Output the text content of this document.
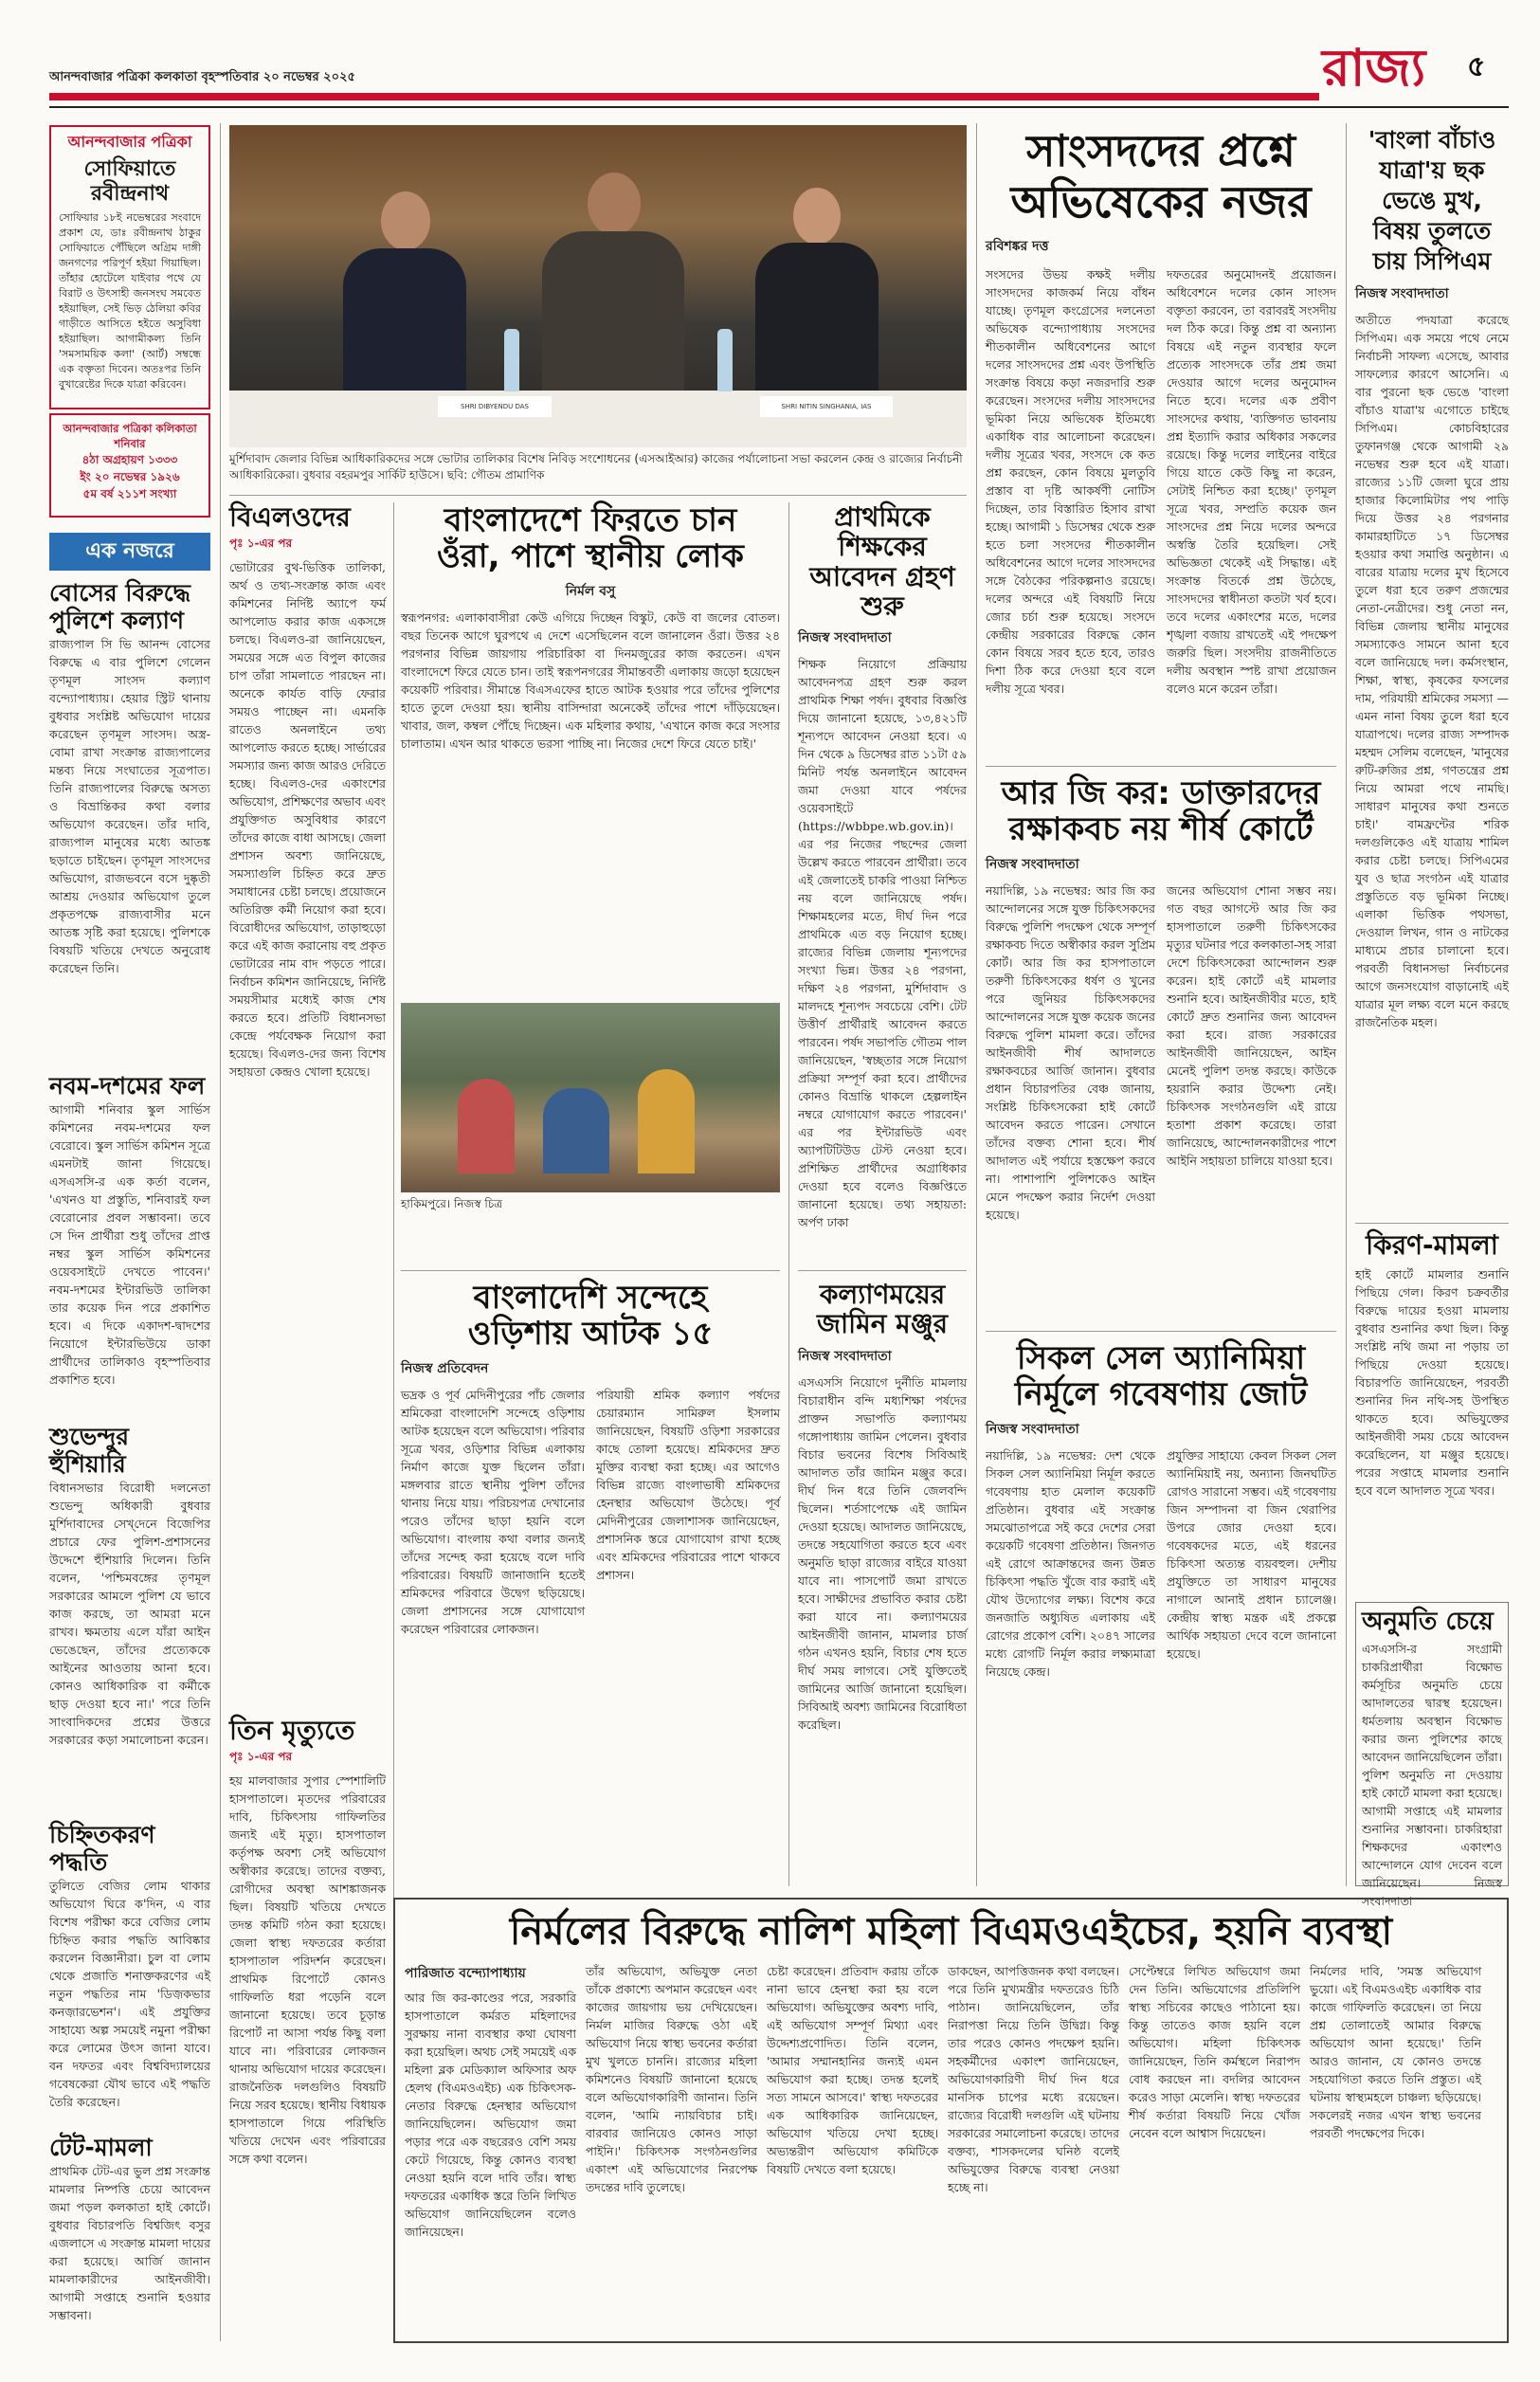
আনন্দবাজার পত্রিকা কলকাতা বৃহস্পতিবার ২০ নভেম্বর ২০২৫	রাজ্য ৫
আনন্দবাজার পত্রিকা
সোফিয়াতে রবীন্দ্রনাথ
সোফিয়ার ১৮ই নভেম্বরের সংবাদে প্রকাশ যে, ডাঃ রবীন্দ্রনাথ ঠাকুর সোফিয়াতে পৌঁছিলে অগ্রিম দাঙ্গী জনগণের পরিপূর্ণ হইয়া গিয়াছিল। তাঁহার হোটেলে যাইবার পথে যে বিরাট ও উৎসাহী জনসংঘ সমবেত হইয়াছিল, সেই ভিড় ঠেলিয়া কবির গাড়ীতে আসিতে হইতে অসুবিধা হইয়াছিল। আগামীকল্য তিনি 'সমসাময়িক কলা' (আর্ট) সম্বন্ধে এক বক্তৃতা দিবেন। অতঃপর তিনি বুখারেষ্টের দিকে যাত্রা করিবেন।
আনন্দবাজার পত্রিকা কলিকাতা শনিবার
৪ঠা অগ্রহায়ণ ১৩৩৩
ইং ২০ নভেম্বর ১৯২৬
৫ম বর্ষ ২১১শ সংখ্যা
এক নজরে
বোসের বিরুদ্ধে পুলিশে কল্যাণ
রাজ্যপাল সি ভি আনন্দ বোসের বিরুদ্ধে এ বার পুলিশে গেলেন তৃণমূল সাংসদ কল্যাণ বন্দ্যোপাধ্যায়। হেয়ার স্ট্রিট থানায় বুধবার সংশ্লিষ্ট অভিযোগ দায়ের করেছেন তৃণমূল সাংসদ। অস্ত্র-বোমা রাখা সংক্রান্ত রাজ্যপালের মন্তব্য নিয়ে সংঘাতের সূত্রপাত। তিনি রাজ্যপালের বিরুদ্ধে অসত্য ও বিভ্রান্তিকর কথা বলার অভিযোগ করেছেন। তাঁর দাবি, রাজ্যপাল মানুষের মধ্যে আতঙ্ক ছড়াতে চাইছেন। তৃণমূল সাংসদের অভিযোগ, রাজভবনে বসে দুষ্কৃতী আশ্রয় দেওয়ার অভিযোগ তুলে প্রকৃতপক্ষে রাজ্যবাসীর মনে আতঙ্ক সৃষ্টি করা হয়েছে। পুলিশকে বিষয়টি খতিয়ে দেখতে অনুরোধ করেছেন তিনি।
নবম-দশমের ফল
আগামী শনিবার স্কুল সার্ভিস কমিশনের নবম-দশমের ফল বেরোবে। স্কুল সার্ভিস কমিশন সূত্রে এমনটাই জানা গিয়েছে। এসএসসি-র এক কর্তা বলেন, 'এখনও যা প্রস্তুতি, শনিবারই ফল বেরোনোর প্রবল সম্ভাবনা। তবে সে দিন প্রার্থীরা শুধু তাঁদের প্রাপ্ত নম্বর স্কুল সার্ভিস কমিশনের ওয়েবসাইটে দেখতে পাবেন।' নবম-দশমের ইন্টারভিউ তালিকা তার কয়েক দিন পরে প্রকাশিত হবে। এ দিকে একাদশ-দ্বাদশের নিয়োগে ইন্টারভিউয়ে ডাকা প্রার্থীদের তালিকাও বৃহস্পতিবার প্রকাশিত হবে।
শুভেন্দুর হুঁশিয়ারি
বিধানসভার বিরোধী দলনেতা শুভেন্দু অধিকারী বুধবার মুর্শিদাবাদের সেখ্‌দেনে বিজেপির প্রচারে ফের পুলিশ-প্রশাসনের উদ্দেশে হুঁশিয়ারি দিলেন। তিনি বলেন, 'পশ্চিমবঙ্গের তৃণমূল সরকারের আমলে পুলিশ যে ভাবে কাজ করছে, তা আমরা মনে রাখব। ক্ষমতায় এলে যাঁরা আইন ভেঙেছেন, তাঁদের প্রত্যেককে আইনের আওতায় আনা হবে। কোনও আধিকারিক বা কর্মীকে ছাড় দেওয়া হবে না।' পরে তিনি সাংবাদিকদের প্রশ্নের উত্তরে সরকারের কড়া সমালোচনা করেন।
চিহ্নিতকরণ পদ্ধতি
তুলিতে বেজির লোম থাকার অভিযোগ ঘিরে ক'দিন, এ বার বিশেষ পরীক্ষা করে বেজির লোম চিহ্নিত করার পদ্ধতি আবিষ্কার করলেন বিজ্ঞানীরা। চুল বা লোম থেকে প্রজাতি শনাক্তকরণের এই নতুন পদ্ধতির নাম 'ডিজ়কভার কনজ়ারভেশন'। এই প্রযুক্তির সাহায্যে অল্প সময়েই নমুনা পরীক্ষা করে লোমের উৎস জানা যাবে। বন দফতর এবং বিশ্ববিদ্যালয়ের গবেষকেরা যৌথ ভাবে এই পদ্ধতি তৈরি করেছেন।
টেট-মামলা
প্রাথমিক টেট-এর ভুল প্রশ্ন সংক্রান্ত মামলার নিষ্পত্তি চেয়ে আবেদন জমা পড়ল কলকাতা হাই কোর্টে। বুধবার বিচারপতি বিশ্বজিৎ বসুর এজলাসে এ সংক্রান্ত মামলা দায়ের করা হয়েছে। আর্জি জানান মামলাকারীদের আইনজীবী। আগামী সপ্তাহে শুনানি হওয়ার সম্ভাবনা।
SHRI DIBYENDU DAS	SHRI NITIN SINGHANIA, IAS
মুর্শিদাবাদ জেলার বিভিন্ন আধিকারিকদের সঙ্গে ভোটার তালিকার বিশেষ নিবিড় সংশোধনের (এসআইআর) কাজের পর্যালোচনা সভা করলেন কেন্দ্র ও রাজ্যের নির্বাচনী আধিকারিকেরা। বুধবার বহরমপুর সার্কিট হাউসে। ছবি: গৌতম প্রামাণিক
বিএলওদের
পৃঃ ১-এর পর
ভোটারের বুথ-ভিত্তিক তালিকা, অর্থ ও তথ্য-সংক্রান্ত কাজ এবং কমিশনের নির্দিষ্ট অ্যাপে ফর্ম আপলোড করার কাজ একসঙ্গে চলছে। বিএলও-রা জানিয়েছেন, সময়ের সঙ্গে এত বিপুল কাজের চাপ তাঁরা সামলাতে পারছেন না। অনেকে কার্যত বাড়ি ফেরার সময়ও পাচ্ছেন না। এমনকি রাতেও অনলাইনে তথ্য আপলোড করতে হচ্ছে। সার্ভারের সমস্যার জন্য কাজ আরও দেরিতে হচ্ছে। বিএলও-দের একাংশের অভিযোগ, প্রশিক্ষণের অভাব এবং প্রযুক্তিগত অসুবিধার কারণে তাঁদের কাজে বাধা আসছে। জেলা প্রশাসন অবশ্য জানিয়েছে, সমস্যাগুলি চিহ্নিত করে দ্রুত সমাধানের চেষ্টা চলছে। প্রয়োজনে অতিরিক্ত কর্মী নিয়োগ করা হবে। বিরোধীদের অভিযোগ, তাড়াহুড়ো করে এই কাজ করানোয় বহু প্রকৃত ভোটারের নাম বাদ পড়তে পারে। নির্বাচন কমিশন জানিয়েছে, নির্দিষ্ট সময়সীমার মধ্যেই কাজ শেষ করতে হবে। প্রতিটি বিধানসভা কেন্দ্রে পর্যবেক্ষক নিয়োগ করা হয়েছে। বিএলও-দের জন্য বিশেষ সহায়তা কেন্দ্রও খোলা হয়েছে।
তিন মৃত্যুতে
পৃঃ ১-এর পর
হয় মালবাজার সুপার স্পেশালিটি হাসপাতালে। মৃতদের পরিবারের দাবি, চিকিৎসায় গাফিলতির জন্যই এই মৃত্যু। হাসপাতাল কর্তৃপক্ষ অবশ্য সেই অভিযোগ অস্বীকার করেছে। তাদের বক্তব্য, রোগীদের অবস্থা আশঙ্কাজনক ছিল। বিষয়টি খতিয়ে দেখতে তদন্ত কমিটি গঠন করা হয়েছে। জেলা স্বাস্থ্য দফতরের কর্তারা হাসপাতাল পরিদর্শন করেছেন। প্রাথমিক রিপোর্টে কোনও গাফিলতি ধরা পড়েনি বলে জানানো হয়েছে। তবে চূড়ান্ত রিপোর্ট না আসা পর্যন্ত কিছু বলা যাবে না। পরিবারের লোকজন থানায় অভিযোগ দায়ের করেছেন। রাজনৈতিক দলগুলিও বিষয়টি নিয়ে সরব হয়েছে। স্থানীয় বিধায়ক হাসপাতালে গিয়ে পরিস্থিতি খতিয়ে দেখেন এবং পরিবারের সঙ্গে কথা বলেন।
বাংলাদেশে ফিরতে চান
ওঁরা, পাশে স্থানীয় লোক
নির্মল বসু
স্বরূপনগর: এলাকাবাসীরা কেউ এগিয়ে দিচ্ছেন বিস্কুট, কেউ বা জলের বোতল। বছর তিনেক আগে ঘুরপথে এ দেশে এসেছিলেন বলে জানালেন ওঁরা। উত্তর ২৪ পরগনার বিভিন্ন জায়গায় পরিচারিকা বা দিনমজুরের কাজ করতেন। এখন বাংলাদেশে ফিরে যেতে চান। তাই স্বরূপনগরের সীমান্তবর্তী এলাকায় জড়ো হয়েছেন কয়েকটি পরিবার। সীমান্তে বিএসএফের হাতে আটক হওয়ার পরে তাঁদের পুলিশের হাতে তুলে দেওয়া হয়। স্থানীয় বাসিন্দারা অনেকেই তাঁদের পাশে দাঁড়িয়েছেন। খাবার, জল, কম্বল পৌঁছে দিচ্ছেন। এক মহিলার কথায়, 'এখানে কাজ করে সংসার চালাতাম। এখন আর থাকতে ভরসা পাচ্ছি না। নিজের দেশে ফিরে যেতে চাই।'
হাকিমপুরে। নিজস্ব চিত্র
বাংলাদেশি সন্দেহে
ওড়িশায় আটক ১৫
নিজস্ব প্রতিবেদন
ভদ্রক ও পূর্ব মেদিনীপুরের পাঁচ জেলার শ্রমিকেরা বাংলাদেশি সন্দেহে ওড়িশায় আটক হয়েছেন বলে অভিযোগ। পরিবার সূত্রে খবর, ওড়িশার বিভিন্ন এলাকায় নির্মাণ কাজে যুক্ত ছিলেন তাঁরা। মঙ্গলবার রাতে স্থানীয় পুলিশ তাঁদের থানায় নিয়ে যায়। পরিচয়পত্র দেখানোর পরেও তাঁদের ছাড়া হয়নি বলে অভিযোগ। বাংলায় কথা বলার জন্যই তাঁদের সন্দেহ করা হয়েছে বলে দাবি পরিবারের। বিষয়টি জানাজানি হতেই শ্রমিকদের পরিবারে উদ্বেগ ছড়িয়েছে। জেলা প্রশাসনের সঙ্গে যোগাযোগ করেছেন পরিবারের লোকজন।
পরিযায়ী শ্রমিক কল্যাণ পর্ষদের চেয়ারম্যান সামিরুল ইসলাম জানিয়েছেন, বিষয়টি ওড়িশা সরকারের কাছে তোলা হয়েছে। শ্রমিকদের দ্রুত মুক্তির ব্যবস্থা করা হচ্ছে। এর আগেও বিভিন্ন রাজ্যে বাংলাভাষী শ্রমিকদের হেনস্থার অভিযোগ উঠেছে। পূর্ব মেদিনীপুরের জেলাশাসক জানিয়েছেন, প্রশাসনিক স্তরে যোগাযোগ রাখা হচ্ছে এবং শ্রমিকদের পরিবারের পাশে থাকবে প্রশাসন।
প্রাথমিকে শিক্ষকের আবেদন গ্রহণ শুরু
নিজস্ব সংবাদদাতা
শিক্ষক নিয়োগে প্রক্রিয়ায় আবেদনপত্র গ্রহণ শুরু করল প্রাথমিক শিক্ষা পর্ষদ। বুধবার বিজ্ঞপ্তি দিয়ে জানানো হয়েছে, ১৩,৪২১টি শূন্যপদে আবেদন নেওয়া হবে। এ দিন থেকে ৯ ডিসেম্বর রাত ১১টা ৫৯ মিনিট পর্যন্ত অনলাইনে আবেদন জমা দেওয়া যাবে পর্ষদের ওয়েবসাইটে (https://wbbpe.wb.gov.in)। এর পর নিজের পছন্দের জেলা উল্লেখ করতে পারবেন প্রার্থীরা। তবে এই জেলাতেই চাকরি পাওয়া নিশ্চিত নয় বলে জানিয়েছে পর্ষদ। শিক্ষামহলের মতে, দীর্ঘ দিন পরে প্রাথমিকে এত বড় নিয়োগ হচ্ছে। রাজ্যের বিভিন্ন জেলায় শূন্যপদের সংখ্যা ভিন্ন। উত্তর ২৪ পরগনা, দক্ষিণ ২৪ পরগনা, মুর্শিদাবাদ ও মালদহে শূন্যপদ সবচেয়ে বেশি। টেট উত্তীর্ণ প্রার্থীরাই আবেদন করতে পারবেন। পর্ষদ সভাপতি গৌতম পাল জানিয়েছেন, 'স্বচ্ছতার সঙ্গে নিয়োগ প্রক্রিয়া সম্পূর্ণ করা হবে। প্রার্থীদের কোনও বিভ্রান্তি থাকলে হেল্পলাইন নম্বরে যোগাযোগ করতে পারবেন।' এর পর ইন্টারভিউ এবং অ্যাপটিটিউড টেস্ট নেওয়া হবে। প্রশিক্ষিত প্রার্থীদের অগ্রাধিকার দেওয়া হবে বলেও বিজ্ঞপ্তিতে জানানো হয়েছে। তথ্য সহায়তা: অর্পণ ঢাকা
কল্যাণময়ের জামিন মঞ্জুর
নিজস্ব সংবাদদাতা
এসএসসি নিয়োগে দুর্নীতি মামলায় বিচারাধীন বন্দি মধ্যশিক্ষা পর্ষদের প্রাক্তন সভাপতি কল্যাণময় গঙ্গোপাধ্যায় জামিন পেলেন। বুধবার বিচার ভবনের বিশেষ সিবিআই আদালত তাঁর জামিন মঞ্জুর করে। দীর্ঘ দিন ধরে তিনি জেলবন্দি ছিলেন। শর্তসাপেক্ষে এই জামিন দেওয়া হয়েছে। আদালত জানিয়েছে, তদন্তে সহযোগিতা করতে হবে এবং অনুমতি ছাড়া রাজ্যের বাইরে যাওয়া যাবে না। পাসপোর্ট জমা রাখতে হবে। সাক্ষীদের প্রভাবিত করার চেষ্টা করা যাবে না। কল্যাণময়ের আইনজীবী জানান, মামলার চার্জ গঠন এখনও হয়নি, বিচার শেষ হতে দীর্ঘ সময় লাগবে। সেই যুক্তিতেই জামিনের আর্জি জানানো হয়েছিল। সিবিআই অবশ্য জামিনের বিরোধিতা করেছিল।
সাংসদদের প্রশ্নে
অভিষেকের নজর
রবিশঙ্কর দত্ত
সংসদের উভয় কক্ষই দলীয় সাংসদদের কাজকর্ম নিয়ে বাঁধন যাচ্ছে। তৃণমূল কংগ্রেসের দলনেতা অভিষেক বন্দ্যোপাধ্যায় সংসদের শীতকালীন অধিবেশনের আগে দলের সাংসদদের প্রশ্ন এবং উপস্থিতি সংক্রান্ত বিষয়ে কড়া নজরদারি শুরু করেছেন। সংসদের দলীয় সাংসদদের ভূমিকা নিয়ে অভিষেক ইতিমধ্যে একাধিক বার আলোচনা করেছেন। দলীয় সূত্রের খবর, সংসদে কে কত প্রশ্ন করছেন, কোন বিষয়ে মুলতুবি প্রস্তাব বা দৃষ্টি আকর্ষণী নোটিস দিচ্ছেন, তার বিস্তারিত হিসাব রাখা হচ্ছে। আগামী ১ ডিসেম্বর থেকে শুরু হতে চলা সংসদের শীতকালীন অধিবেশনের আগে দলের সাংসদদের সঙ্গে বৈঠকের পরিকল্পনাও রয়েছে। দলের অন্দরে এই বিষয়টি নিয়ে জোর চর্চা শুরু হয়েছে। সংসদে কেন্দ্রীয় সরকারের বিরুদ্ধে কোন কোন বিষয়ে সরব হতে হবে, তারও দিশা ঠিক করে দেওয়া হবে বলে দলীয় সূত্রে খবর।
দফতরের অনুমোদনই প্রয়োজন। অধিবেশনে দলের কোন সাংসদ বক্তৃতা করবেন, তা বরাবরই সংসদীয় দল ঠিক করে। কিন্তু প্রশ্ন বা অন্যান্য বিষয়ে এই নতুন ব্যবস্থার ফলে প্রত্যেক সাংসদকে তাঁর প্রশ্ন জমা দেওয়ার আগে দলের অনুমোদন নিতে হবে। দলের এক প্রবীণ সাংসদের কথায়, 'ব্যক্তিগত ভাবনায় প্রশ্ন ইত্যাদি করার অধিকার সকলের রয়েছে। কিন্তু দলের লাইনের বাইরে গিয়ে যাতে কেউ কিছু না করেন, সেটাই নিশ্চিত করা হচ্ছে।' তৃণমূল সূত্রে খবর, সম্প্রতি কয়েক জন সাংসদের প্রশ্ন নিয়ে দলের অন্দরে অস্বস্তি তৈরি হয়েছিল। সেই অভিজ্ঞতা থেকেই এই সিদ্ধান্ত। এই সংক্রান্ত বিতর্কে প্রশ্ন উঠেছে, সাংসদদের স্বাধীনতা কতটা খর্ব হবে। তবে দলের একাংশের মতে, দলের শৃঙ্খলা বজায় রাখতেই এই পদক্ষেপ জরুরি ছিল। সংসদীয় রাজনীতিতে দলীয় অবস্থান স্পষ্ট রাখা প্রয়োজন বলেও মনে করেন তাঁরা।
আর জি কর: ডাক্তারদের
রক্ষাকবচ নয় শীর্ষ কোর্টে
নিজস্ব সংবাদদাতা
নয়াদিল্লি, ১৯ নভেম্বর: আর জি কর আন্দোলনের সঙ্গে যুক্ত চিকিৎসকদের বিরুদ্ধে পুলিশি পদক্ষেপ থেকে সম্পূর্ণ রক্ষাকবচ দিতে অস্বীকার করল সুপ্রিম কোর্ট। আর জি কর হাসপাতালে তরুণী চিকিৎসকের ধর্ষণ ও খুনের পরে জুনিয়র চিকিৎসকদের আন্দোলনের সঙ্গে যুক্ত কয়েক জনের বিরুদ্ধে পুলিশ মামলা করে। তাঁদের আইনজীবী শীর্ষ আদালতে রক্ষাকবচের আর্জি জানান। বুধবার প্রধান বিচারপতির বেঞ্চ জানায়, সংশ্লিষ্ট চিকিৎসকেরা হাই কোর্টে আবেদন করতে পারেন। সেখানে তাঁদের বক্তব্য শোনা হবে। শীর্ষ আদালত এই পর্যায়ে হস্তক্ষেপ করবে না। পাশাপাশি পুলিশকেও আইন মেনে পদক্ষেপ করার নির্দেশ দেওয়া হয়েছে।
জনের অভিযোগ শোনা সম্ভব নয়। গত বছর আগস্টে আর জি কর হাসপাতালে তরুণী চিকিৎসকের মৃত্যুর ঘটনার পরে কলকাতা-সহ সারা দেশে চিকিৎসকেরা আন্দোলন শুরু করেন। হাই কোর্টে এই মামলার শুনানি হবে। আইনজীবীর মতে, হাই কোর্টে দ্রুত শুনানির জন্য আবেদন করা হবে। রাজ্য সরকারের আইনজীবী জানিয়েছেন, আইন মেনেই পুলিশ তদন্ত করছে। কাউকে হয়রানি করার উদ্দেশ্য নেই। চিকিৎসক সংগঠনগুলি এই রায়ে হতাশা প্রকাশ করেছে। তারা জানিয়েছে, আন্দোলনকারীদের পাশে আইনি সহায়তা চালিয়ে যাওয়া হবে।
সিকল সেল অ্যানিমিয়া
নির্মূলে গবেষণায় জোট
নিজস্ব সংবাদদাতা
নয়াদিল্লি, ১৯ নভেম্বর: দেশ থেকে সিকল সেল অ্যানিমিয়া নির্মূল করতে গবেষণায় হাত মেলাল কয়েকটি প্রতিষ্ঠান। বুধবার এই সংক্রান্ত সমঝোতাপত্রে সই করে দেশের সেরা কয়েকটি গবেষণা প্রতিষ্ঠান। জিনগত এই রোগে আক্রান্তদের জন্য উন্নত চিকিৎসা পদ্ধতি খুঁজে বার করাই এই যৌথ উদ্যোগের লক্ষ্য। বিশেষ করে জনজাতি অধ্যুষিত এলাকায় এই রোগের প্রকোপ বেশি। ২০৪৭ সালের মধ্যে রোগটি নির্মূল করার লক্ষ্যমাত্রা নিয়েছে কেন্দ্র।
প্রযুক্তির সাহায্যে কেবল সিকল সেল অ্যানিমিয়াই নয়, অন্যান্য জিনঘটিত রোগও সারানো সম্ভব। এই গবেষণায় জিন সম্পাদনা বা জিন থেরাপির উপরে জোর দেওয়া হবে। গবেষকদের মতে, এই ধরনের চিকিৎসা অত্যন্ত ব্যয়বহুল। দেশীয় প্রযুক্তিতে তা সাধারণ মানুষের নাগালে আনাই প্রধান চ্যালেঞ্জ। কেন্দ্রীয় স্বাস্থ্য মন্ত্রক এই প্রকল্পে আর্থিক সহায়তা দেবে বলে জানানো হয়েছে।
'বাংলা বাঁচাও যাত্রা'য় ছক ভেঙে মুখ, বিষয় তুলতে চায় সিপিএম
নিজস্ব সংবাদদাতা
অতীতে পদযাত্রা করেছে সিপিএম। এক সময়ে পথে নেমে নির্বাচনী সাফল্য এসেছে, আবার সাফল্যের কারণে আসেনি। এ বার পুরনো ছক ভেঙে 'বাংলা বাঁচাও যাত্রা'য় এগোতে চাইছে সিপিএম। কোচবিহারের তুফানগঞ্জ থেকে আগামী ২৯ নভেম্বর শুরু হবে এই যাত্রা। রাজ্যের ১১টি জেলা ঘুরে প্রায় হাজার কিলোমিটার পথ পাড়ি দিয়ে উত্তর ২৪ পরগনার কামারহাটিতে ১৭ ডিসেম্বর হওয়ার কথা সমাপ্তি অনুষ্ঠান। এ বারের যাত্রায় দলের মুখ হিসেবে তুলে ধরা হবে তরুণ প্রজন্মের নেতা-নেত্রীদের। শুধু নেতা নন, বিভিন্ন জেলায় স্থানীয় মানুষের সমস্যাকেও সামনে আনা হবে বলে জানিয়েছে দল। কর্মসংস্থান, শিক্ষা, স্বাস্থ্য, কৃষকের ফসলের দাম, পরিযায়ী শ্রমিকের সমস্যা — এমন নানা বিষয় তুলে ধরা হবে যাত্রাপথে। দলের রাজ্য সম্পাদক মহম্মদ সেলিম বলেছেন, 'মানুষের রুটি-রুজির প্রশ্ন, গণতন্ত্রের প্রশ্ন নিয়ে আমরা পথে নামছি। সাধারণ মানুষের কথা শুনতে চাই।' বামফ্রন্টের শরিক দলগুলিকেও এই যাত্রায় শামিল করার চেষ্টা চলছে। সিপিএমের যুব ও ছাত্র সংগঠন এই যাত্রার প্রস্তুতিতে বড় ভূমিকা নিচ্ছে। এলাকা ভিত্তিক পথসভা, দেওয়াল লিখন, গান ও নাটকের মাধ্যমে প্রচার চালানো হবে। পরবর্তী বিধানসভা নির্বাচনের আগে জনসংযোগ বাড়ানোই এই যাত্রার মূল লক্ষ্য বলে মনে করছে রাজনৈতিক মহল।
কিরণ-মামলা
হাই কোর্টে মামলার শুনানি পিছিয়ে গেল। কিরণ চক্রবর্তীর বিরুদ্ধে দায়ের হওয়া মামলায় বুধবার শুনানির কথা ছিল। কিন্তু সংশ্লিষ্ট নথি জমা না পড়ায় তা পিছিয়ে দেওয়া হয়েছে। বিচারপতি জানিয়েছেন, পরবর্তী শুনানির দিন নথি-সহ উপস্থিত থাকতে হবে। অভিযুক্তের আইনজীবী সময় চেয়ে আবেদন করেছিলেন, যা মঞ্জুর হয়েছে। পরের সপ্তাহে মামলার শুনানি হবে বলে আদালত সূত্রে খবর।
অনুমতি চেয়ে
এসএসসি-র সংগ্রামী চাকরিপ্রার্থীরা বিক্ষোভ কর্মসূচির অনুমতি চেয়ে আদালতের দ্বারস্থ হয়েছেন। ধর্মতলায় অবস্থান বিক্ষোভ করার জন্য পুলিশের কাছে আবেদন জানিয়েছিলেন তাঁরা। পুলিশ অনুমতি না দেওয়ায় হাই কোর্টে মামলা করা হয়েছে। আগামী সপ্তাহে এই মামলার শুনানির সম্ভাবনা। চাকরিহারা শিক্ষকদের একাংশও আন্দোলনে যোগ দেবেন বলে জানিয়েছেন। নিজস্ব সংবাদদাতা
নির্মলের বিরুদ্ধে নালিশ মহিলা বিএমওএইচের, হয়নি ব্যবস্থা
পারিজাত বন্দ্যোপাধ্যায়
আর জি কর-কাণ্ডের পরে, সরকারি হাসপাতালে কর্মরত মহিলাদের সুরক্ষায় নানা ব্যবস্থার কথা ঘোষণা করা হয়েছিল। অথচ সেই সময়েই এক মহিলা ব্লক মেডিক্যাল অফিসার অফ হেলথ (বিএমওএইচ) এক চিকিৎসক-নেতার বিরুদ্ধে হেনস্থার অভিযোগ জানিয়েছিলেন। অভিযোগ জমা পড়ার পরে এক বছরেরও বেশি সময় কেটে গিয়েছে, কিন্তু কোনও ব্যবস্থা নেওয়া হয়নি বলে দাবি তাঁর। স্বাস্থ্য দফতরের একাধিক স্তরে তিনি লিখিত অভিযোগ জানিয়েছিলেন বলেও জানিয়েছেন।
তাঁর অভিযোগ, অভিযুক্ত নেতা তাঁকে প্রকাশ্যে অপমান করেছেন এবং কাজের জায়গায় ভয় দেখিয়েছেন। নির্মল মাজির বিরুদ্ধে ওঠা এই অভিযোগ নিয়ে স্বাস্থ্য ভবনের কর্তারা মুখ খুলতে চাননি। রাজ্যের মহিলা কমিশনেও বিষয়টি জানানো হয়েছে বলে অভিযোগকারিণী জানান। তিনি বলেন, 'আমি ন্যায়বিচার চাই। বারবার জানিয়েও কোনও সাড়া পাইনি।' চিকিৎসক সংগঠনগুলির একাংশ এই অভিযোগের নিরপেক্ষ তদন্তের দাবি তুলেছে।
চেষ্টা করেছেন। প্রতিবাদ করায় তাঁকে নানা ভাবে হেনস্থা করা হয় বলে অভিযোগ। অভিযুক্তের অবশ্য দাবি, এই অভিযোগ সম্পূর্ণ মিথ্যা এবং উদ্দেশ্যপ্রণোদিত। তিনি বলেন, 'আমার সম্মানহানির জন্যই এমন অভিযোগ করা হচ্ছে। তদন্ত হলেই সত্য সামনে আসবে।' স্বাস্থ্য দফতরের এক আধিকারিক জানিয়েছেন, অভিযোগ খতিয়ে দেখা হচ্ছে। অভ্যন্তরীণ অভিযোগ কমিটিকে বিষয়টি দেখতে বলা হয়েছে।
ডাকছেন, আপত্তিজনক কথা বলছেন। পরে তিনি মুখ্যমন্ত্রীর দফতরেও চিঠি পাঠান। জানিয়েছিলেন, তাঁর নিরাপত্তা নিয়ে তিনি উদ্বিগ্ন। কিন্তু তার পরেও কোনও পদক্ষেপ হয়নি। সহকর্মীদের একাংশ জানিয়েছেন, অভিযোগকারিণী দীর্ঘ দিন ধরে মানসিক চাপের মধ্যে রয়েছেন। রাজ্যের বিরোধী দলগুলি এই ঘটনায় সরকারের সমালোচনা করেছে। তাদের বক্তব্য, শাসকদলের ঘনিষ্ঠ বলেই অভিযুক্তের বিরুদ্ধে ব্যবস্থা নেওয়া হচ্ছে না।
সেপ্টেম্বরে লিখিত অভিযোগ জমা দেন তিনি। অভিযোগের প্রতিলিপি স্বাস্থ্য সচিবের কাছেও পাঠানো হয়। কিন্তু তাতেও কাজ হয়নি বলে অভিযোগ। মহিলা চিকিৎসক জানিয়েছেন, তিনি কর্মস্থলে নিরাপদ বোধ করছেন না। বদলির আবেদন করেও সাড়া মেলেনি। স্বাস্থ্য দফতরের শীর্ষ কর্তারা বিষয়টি নিয়ে খোঁজ নেবেন বলে আশ্বাস দিয়েছেন।
নির্মলের দাবি, 'সমস্ত অভিযোগ ভুয়ো। এই বিএমওএইচ একাধিক বার কাজে গাফিলতি করেছেন। তা নিয়ে প্রশ্ন তোলাতেই আমার বিরুদ্ধে অভিযোগ আনা হয়েছে।' তিনি আরও জানান, যে কোনও তদন্তে সহযোগিতা করতে তিনি প্রস্তুত। এই ঘটনায় স্বাস্থ্যমহলে চাঞ্চল্য ছড়িয়েছে। সকলেরই নজর এখন স্বাস্থ্য ভবনের পরবর্তী পদক্ষেপের দিকে।
